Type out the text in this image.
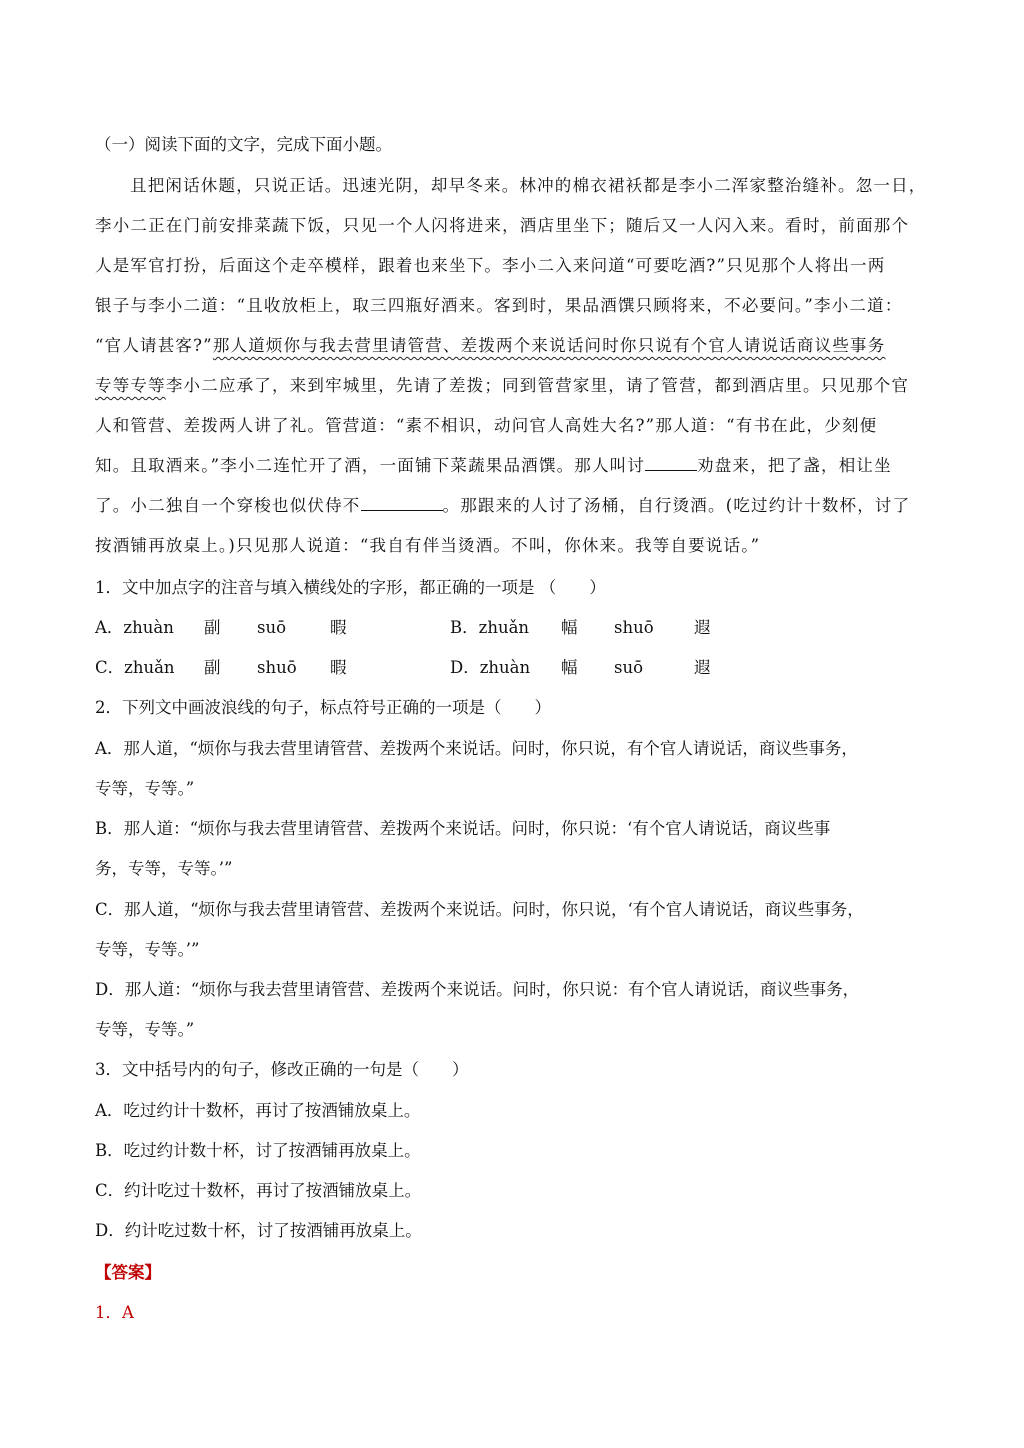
（一）阅读下面的文字，完成下面小题。
且把闲话休题，只说正话。迅速光阴，却早冬来。林冲的棉衣裙袄都是李小二浑家整治缝补。忽一日，
李小二正在门前安排菜蔬下饭，只见一个人闪将进来，酒店里坐下；随后又一人闪入来。看时，前面那个
人是军官打扮，后面这个走卒模样，跟着也来坐下。李小二入来问道“可要吃酒?”只见那个人将出一两
银子与李小二道：“且收放柜上，取三四瓶好酒来。客到时，果品酒馔只顾将来，不必要问。”李小二道：
“官人请甚客?”那人道烦你与我去营里请管营、差拨两个来说话问时你只说有个官人请说话商议些事务
专等专等李小二应承了，来到牢城里，先请了差拨；同到管营家里，请了管营，都到酒店里。只见那个官
人和管营、差拨两人讲了礼。管营道：“素不相识，动问官人高姓大名?”那人道：“有书在此，少刻便
知。且取酒来。”李小二连忙开了酒，一面铺下菜蔬果品酒馔。那人叫讨	劝盘来，把了盏，相让坐
了。小二独自一个穿梭也似伏侍不	。那跟来的人讨了汤桶，自行烫酒。(吃过约计十数杯，讨了
按酒铺再放桌上。)只见那人说道：“我自有伴当烫酒。不叫，你休来。我等自要说话。”
1．文中加点字的注音与填入横线处的字形，都正确的一项是 （　　）
A．zhuàn 副 suō	暇	B．zhuǎn 幅 shuō 遐
C．zhuǎn 副 shuō 暇	D．zhuàn 幅 suō	遐
2．下列文中画波浪线的句子，标点符号正确的一项是（　　）
A．那人道，“烦你与我去营里请管营、差拨两个来说话。问时，你只说，有个官人请说话，商议些事务，
专等，专等。”
B．那人道：“烦你与我去营里请管营、差拨两个来说话。问时，你只说：‘有个官人请说话，商议些事
务，专等，专等。’”
C．那人道，“烦你与我去营里请管营、差拨两个来说话。问时，你只说，‘有个官人请说话，商议些事务，
专等，专等。’”
D．那人道：“烦你与我去营里请管营、差拨两个来说话。问时，你只说：有个官人请说话，商议些事务，
专等，专等。”
3．文中括号内的句子，修改正确的一句是（　　）
A．吃过约计十数杯，再讨了按酒铺放桌上。
B．吃过约计数十杯，讨了按酒铺再放桌上。
C．约计吃过十数杯，再讨了按酒铺放桌上。
D．约计吃过数十杯，讨了按酒铺再放桌上。
【答案】
1．A
